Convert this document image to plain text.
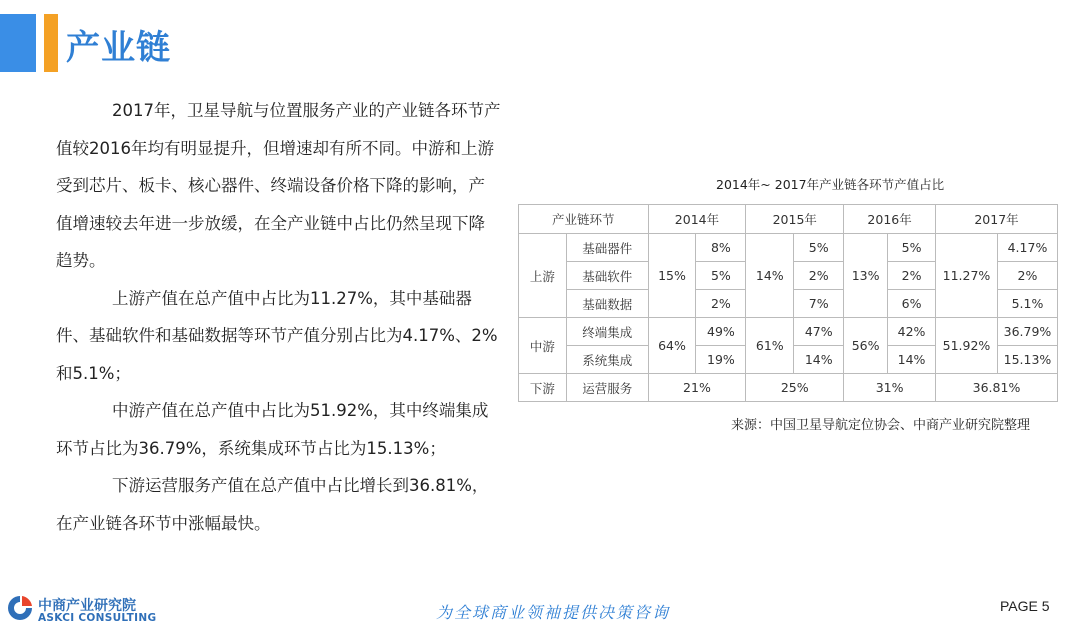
产业链

2017年，卫星导航与位置服务产业的产业链各环节产值较2016年均有明显提升，但增速却有所不同。中游和上游受到芯片、板卡、核心器件、终端设备价格下降的影响，产值增速较去年进一步放缓，在全产业链中占比仍然呈现下降趋势。

上游产值在总产值中占比为11.27%，其中基础器件、基础软件和基础数据等环节产值分别占比为4.17%、2%和5.1%；

中游产值在总产值中占比为51.92%，其中终端集成环节占比为36.79%，系统集成环节占比为15.13%；

下游运营服务产值在总产值中占比增长到36.81%，在产业链各环节中涨幅最快。

2014年~ 2017年产业链各环节产值占比
产业链环节		2014年		2015年		2016年		2017年	
上游	基础器件	15%	8%	14%	5%	13%	5%	11.27%	4.17%
	基础软件		5%		2%		2%		2%
	基础数据		2%		7%		6%		5.1%
中游	终端集成	64%	49%	61%	47%	56%	42%	51.92%	36.79%
	系统集成		19%		14%		14%		15.13%
下游	运营服务	21%		25%		31%		36.81%	
来源：中国卫星导航定位协会、中商产业研究院整理
中商产业研究院
ASKCI CONSULTING	为全球商业领袖提供决策咨询	PAGE 5
